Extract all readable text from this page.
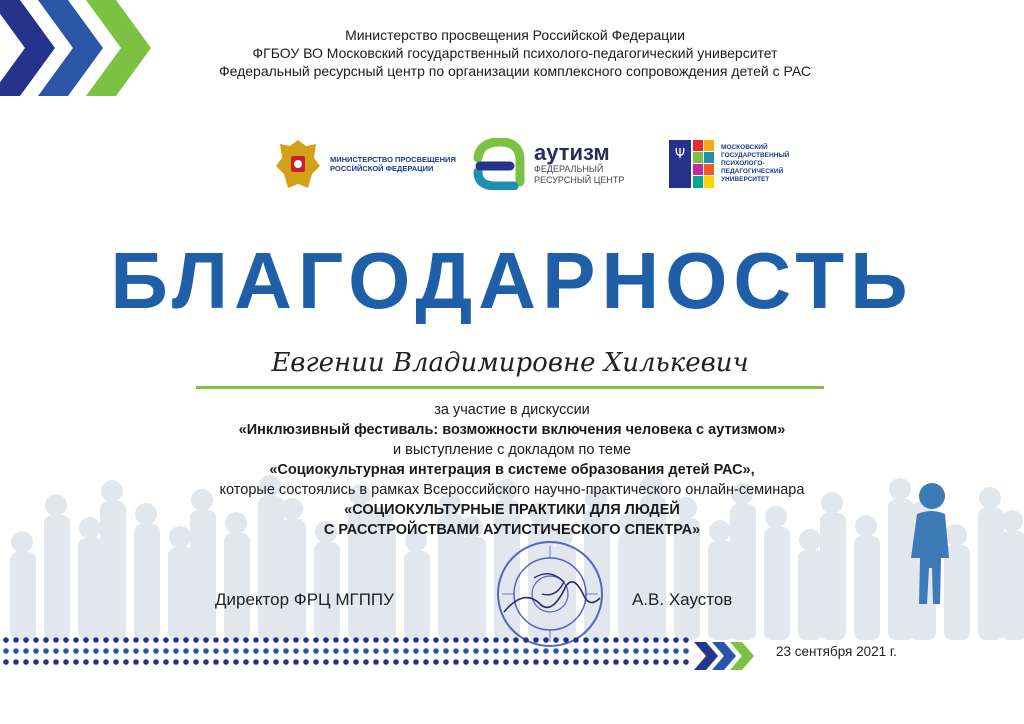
Министерство просвещения Российской Федерации
ФГБОУ ВО Московский государственный психолого-педагогический университет
Федеральный ресурсный центр по организации комплексного сопровождения детей с РАС
МИНИСТЕРСТВО ПРОСВЕЩЕНИЯ
РОССИЙСКОЙ ФЕДЕРАЦИИ
аутизм
ФЕДЕРАЛЬНЫЙ
РЕСУРСНЫЙ ЦЕНТР
Ψ	МОСКОВСКИЙ
ГОСУДАРСТВЕННЫЙ
ПСИХОЛОГО-
ПЕДАГОГИЧЕСКИЙ
УНИВЕРСИТЕТ
БЛАГОДАРНОСТЬ
Евгении Владимировне Хилькевич
за участие в дискуссии
«Инклюзивный фестиваль: возможности включения человека с аутизмом»
и выступление с докладом по теме
«Социокультурная интеграция в системе образования детей РАС»,
которые состоялись в рамках Всероссийского научно-практического онлайн-семинара
«СОЦИОКУЛЬТУРНЫЕ ПРАКТИКИ ДЛЯ ЛЮДЕЙ
С РАССТРОЙСТВАМИ АУТИСТИЧЕСКОГО СПЕКТРА»
Директор ФРЦ МГППУ	А.В. Хаустов
23 сентября 2021 г.
